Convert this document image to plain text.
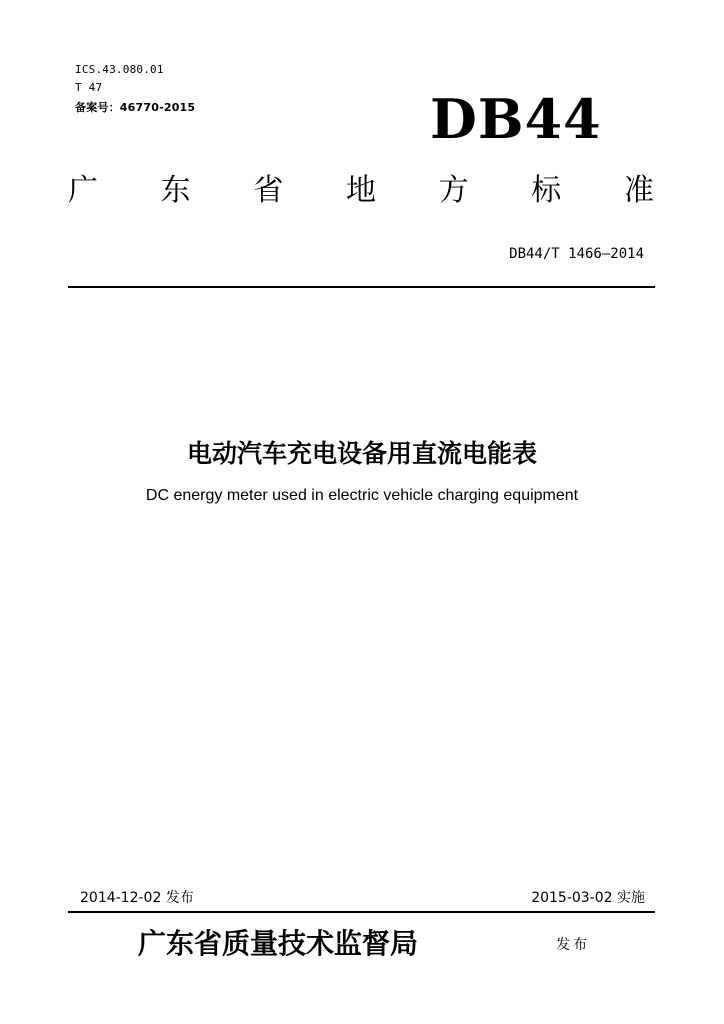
ICS.43.080.01
T 47
备案号：46770-2015	DB44
广 东 省 地 方 标 准
DB44/T 1466—2014
电动汽车充电设备用直流电能表
DC energy meter used in electric vehicle charging equipment
2014-12-02 发布	2015-03-02 实施
广东省质量技术监督局	发布
